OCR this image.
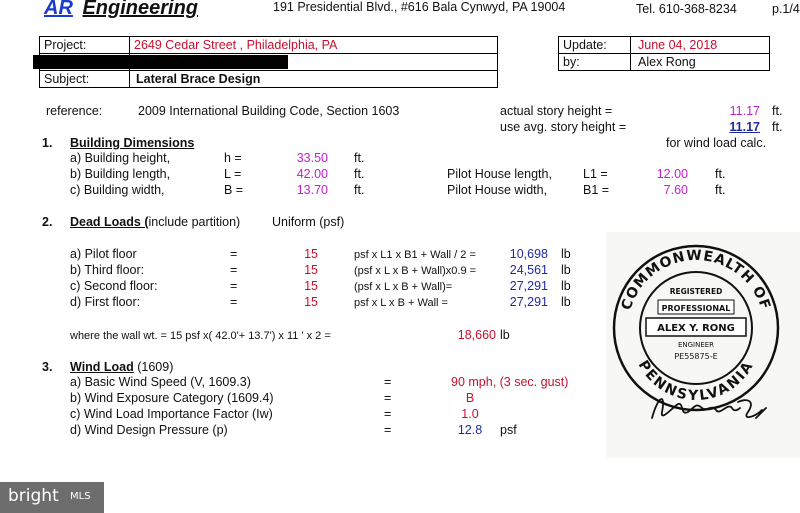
AR Engineering	191 Presidential Blvd., #616 Bala Cynwyd, PA 19004	Tel. 610-368-8234	p.1/4
Project:	2649 Cedar Street , Philadelphia, PA
Subject:	Lateral Brace Design
Update: June 04, 2018
by:	Alex Rong
reference:	2009 International Building Code, Section 1603	actual story height =	11.17 ft.
use avg. story height =	11.17 ft.
for wind load calc.
1. Building Dimensions
a) Building height,	h =	33.50 ft.
b) Building length,	L =	42.00 ft.	Pilot House length, L1 =	12.00 ft.
c) Building width,	B =	13.70 ft.	Pilot House width,	B1 =	7.60 ft.
2. Dead Loads (include partition)	Uniform (psf)
a) Pilot floor	=	15	psf x L1 x B1 + Wall / 2 =	10,698 lb
b) Third floor:	=	15	(psf x L x B + Wall)x0.9 =	24,561 lb
c) Second floor:	=	15	(psf x L x B + Wall)=	27,291 lb
d) First floor:	=	15	psf x L x B + Wall =	27,291 lb
where the wall wt. = 15 psf x( 42.0'+ 13.7') x 11 ' x 2 =	18,660 lb
3. Wind Load (1609)
a) Basic Wind Speed (V, 1609.3)	=	90 mph, (3 sec. gust)
b) Wind Exposure Category (1609.4)	=	B
c) Wind Load Importance Factor (Iw)	=	1.0
d) Wind Design Pressure (p)	=	12.8	psf
COMMONWEALTH OF
PENNSYLVANIA
REGISTERED
PROFESSIONAL
ALEX Y. RONG
ENGINEER
PE55875-E
bright MLS
